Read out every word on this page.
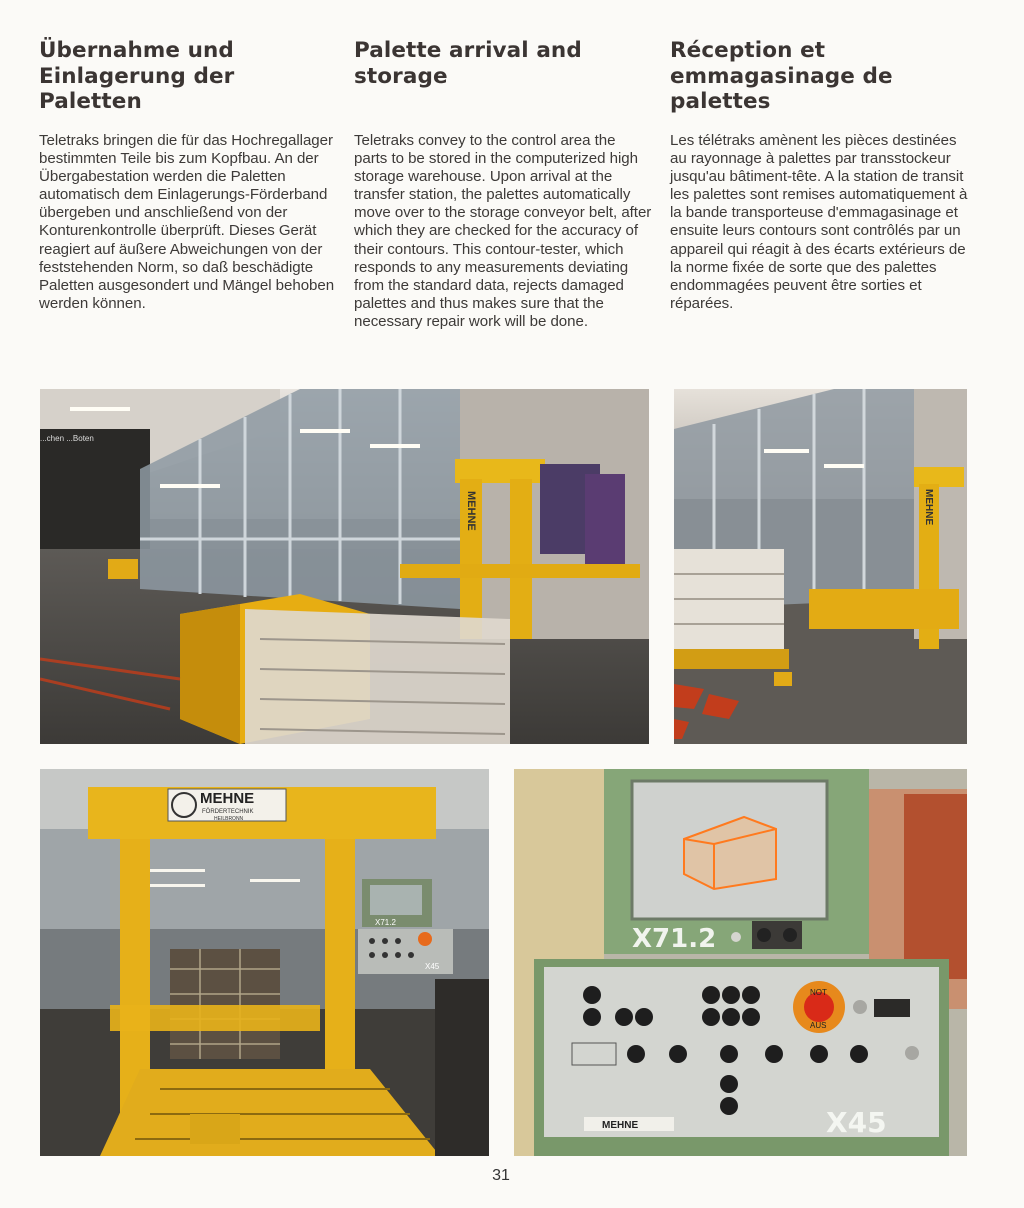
Übernahme und Einlagerung der Paletten

Teletraks bringen die für das Hochregallager bestimmten Teile bis zum Kopfbau. An der Übergabestation werden die Paletten automatisch dem Einlagerungs-Förderband übergeben und anschließend von der Konturenkontrolle überprüft. Dieses Gerät reagiert auf äußere Abweichungen von der feststehenden Norm, so daß beschädigte Paletten ausgesondert und Mängel behoben werden können.

Palette arrival and storage

Teletraks convey to the control area the parts to be stored in the computerized high storage warehouse. Upon arrival at the transfer station, the palettes automatically move over to the storage conveyor belt, after which they are checked for the accuracy of their contours. This contour-tester, which responds to any measurements deviating from the standard data, rejects damaged palettes and thus makes sure that the necessary repair work will be done.

Réception et emmagasinage de palettes

Les télétraks amènent les pièces destinées au rayonnage à palettes par transstockeur jusqu'au bâtiment-tête. A la station de transit les palettes sont remises automatiquement à la bande transporteuse d'emmagasinage et ensuite leurs contours sont contrôlés par un appareil qui réagit à des écarts extérieurs de la norme fixée de sorte que des palettes endommagées peuvent être sorties et réparées.

...chen ...Boten
MEHNE	MEHNE
MEHNE
FÖRDERTECHNIK
HEILBRONN
X71.2
X45
X71.2
NOT
AUS
MEHNE	X45
31
